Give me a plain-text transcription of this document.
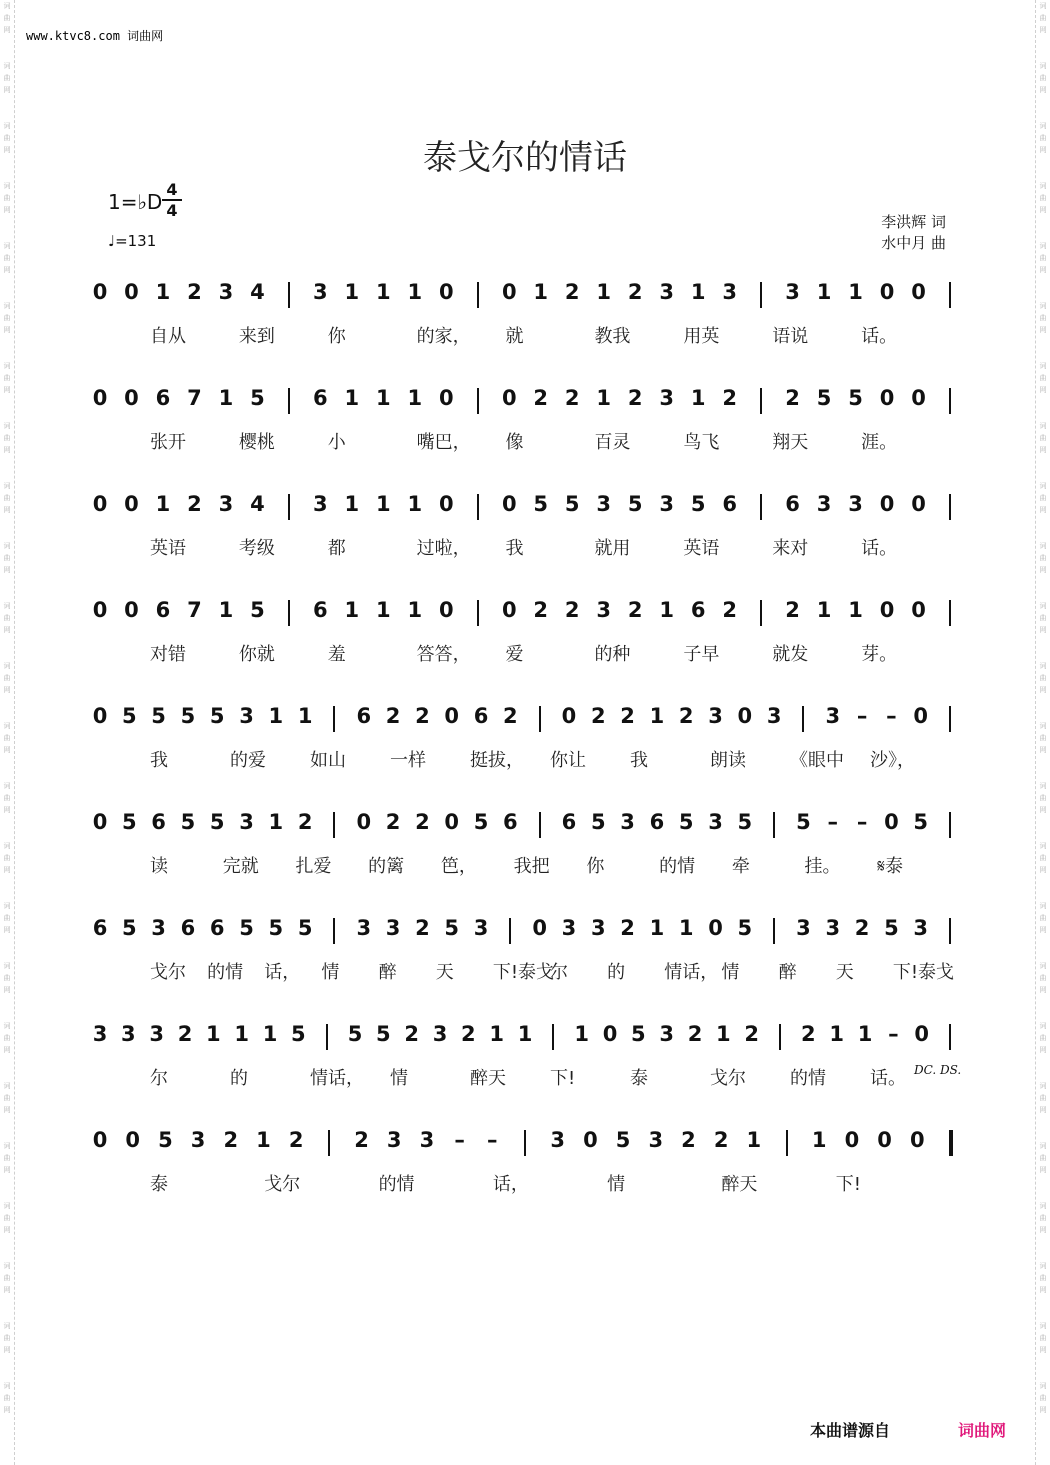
词
曲
网
词
曲
网
词
曲
网
词
曲
网
词
曲
网
词
曲
网
词
曲
网
词
曲
网
词
曲
网
词
曲
网
词
曲
网
词
曲
网
词
曲
网
词
曲
网
词
曲
网
词
曲
网
词
曲
网
词
曲
网
词
曲
网
词
曲
网
词
曲
网
词
曲
网
词
曲
网
词
曲
网
词
曲
网
词
曲
网
词
曲
网
词
曲
网
词
曲
网
词
曲
网
词
曲
网
词
曲
网
词
曲
网
词
曲
网
词
曲
网
词
曲
网
词
曲
网
词
曲
网
词
曲
网
词
曲
网
词
曲
网
词
曲
网
词
曲
网
词
曲
网
词
曲
网
词
曲
网
词
曲
网
词
曲
网
www.ktvc8.com 词曲网
泰戈尔的情话
1=♭D
4
4
♩=131
李洪辉 词
水中月 曲
0 0 1 2 3 4 3 1 1 1 0 0 1 2 1 2 3 1 3 3 1 1 0 0
自从	来到	你	的家， 就	教我	用英	语说	话。
0 0 6 7 1 5 6 1 1 1 0 0 2 2 1 2 3 1 2 2 5 5 0 0
张开	樱桃	小	嘴巴， 像	百灵	鸟飞	翔天	涯。
0 0 1 2 3 4 3 1 1 1 0 0 5 5 3 5 3 5 6 6 3 3 0 0
英语	考级	都	过啦， 我	就用	英语	来对	话。
0 0 6 7 1 5 6 1 1 1 0 0 2 2 3 2 1 6 2 2 1 1 0 0
对错	你就	羞	答答， 爱	的种	子早	就发	芽。
0 5 5 5 5 3 1 1 6 2 2 0 6 2 0 2 2 1 2 3 0 3 3 – – 0
我	的爱 如山 一样 挺拔， 你让 我	朗读 《眼中 沙》，
0 5 6 5 5 3 1 2 0 2 2 0 5 6 6 5 3 6 5 3 5 5 – – 0 5
读	完就 扎爱 的篱 笆， 我把 你	的情 牵	挂。 𝄋泰
6 5 3 6 6 5 5 5 3 3 2 5 3 0 3 3 2 1 1 0 5 3 3 2 5 3
戈尔 的情 话， 情 醉 天 下!泰戈
尔 的 情话， 情 醉 天 下!泰戈
3 3 3 2 1 1 1 5 5 5 2 3 2 1 1 1 0 5 3 2 1 2 2 1 1 – 0
尔	的	情话， 情	醉天 下!	泰	戈尔 的情 话。
0 0 5 3 2 1 2 2 3 3 –	–	3 0 5 3 2 2 1 1 0 0 0
泰	戈尔	的情	话，	情	醉天	下!
DC. DS.
本曲谱源自	词曲网
